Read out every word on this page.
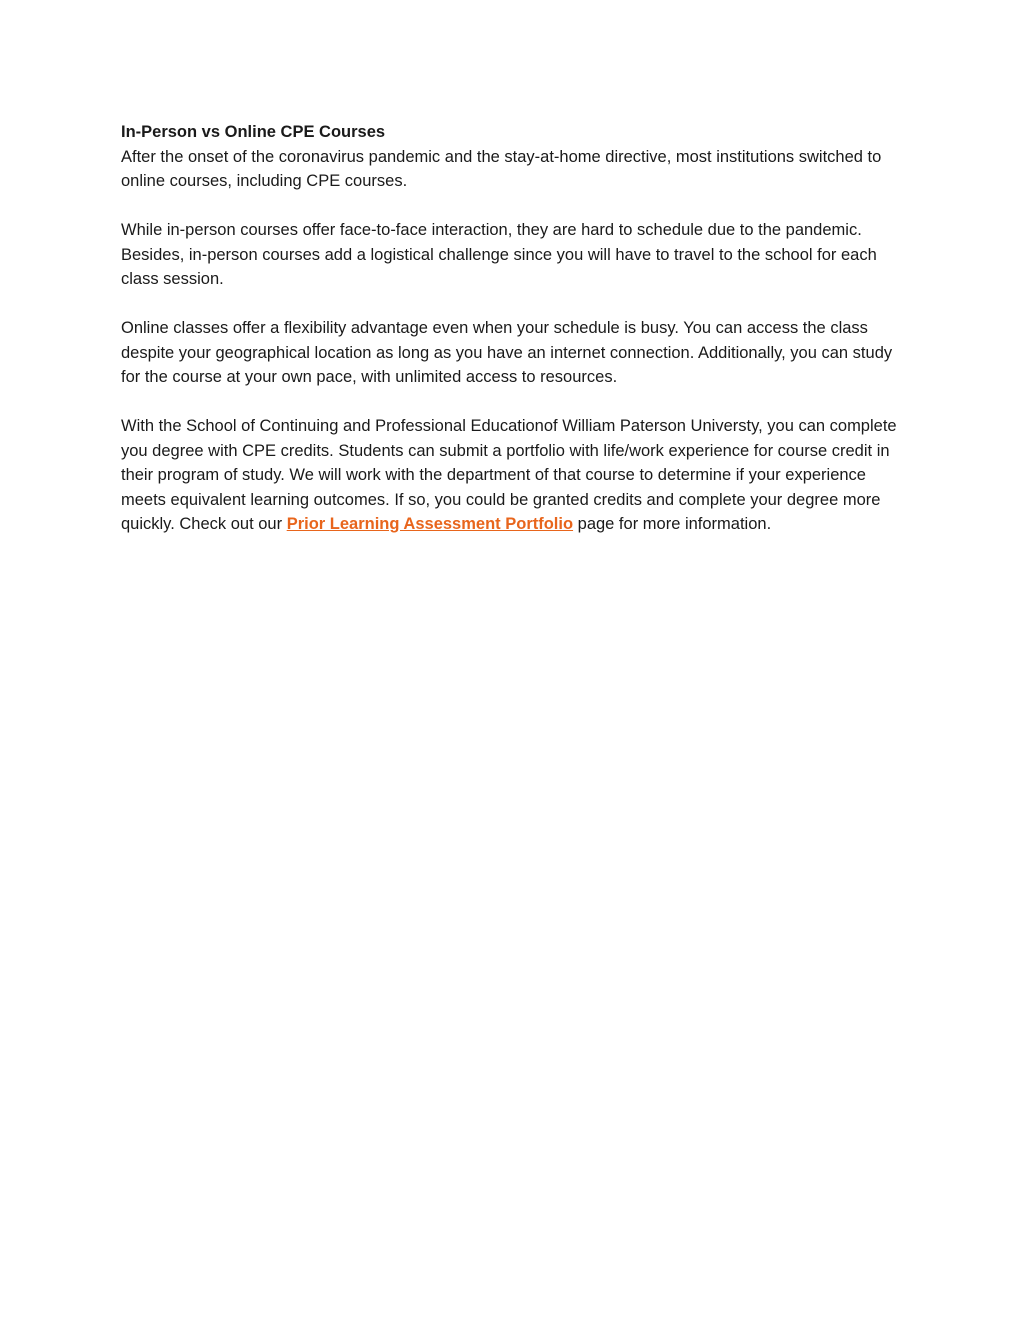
In-Person vs Online CPE Courses

After the onset of the coronavirus pandemic and the stay-at-home directive, most institutions switched to online courses, including CPE courses.

While in-person courses offer face-to-face interaction, they are hard to schedule due to the pandemic. Besides, in-person courses add a logistical challenge since you will have to travel to the school for each class session.

Online classes offer a flexibility advantage even when your schedule is busy. You can access the class despite your geographical location as long as you have an internet connection. Additionally, you can study for the course at your own pace, with unlimited access to resources.

With the School of Continuing and Professional Educationof William Paterson Universty, you can complete you degree with CPE credits. Students can submit a portfolio with life/work experience for course credit in their program of study. We will work with the department of that course to determine if your experience meets equivalent learning outcomes. If so, you could be granted credits and complete your degree more quickly. Check out our Prior Learning Assessment Portfolio page for more information.
